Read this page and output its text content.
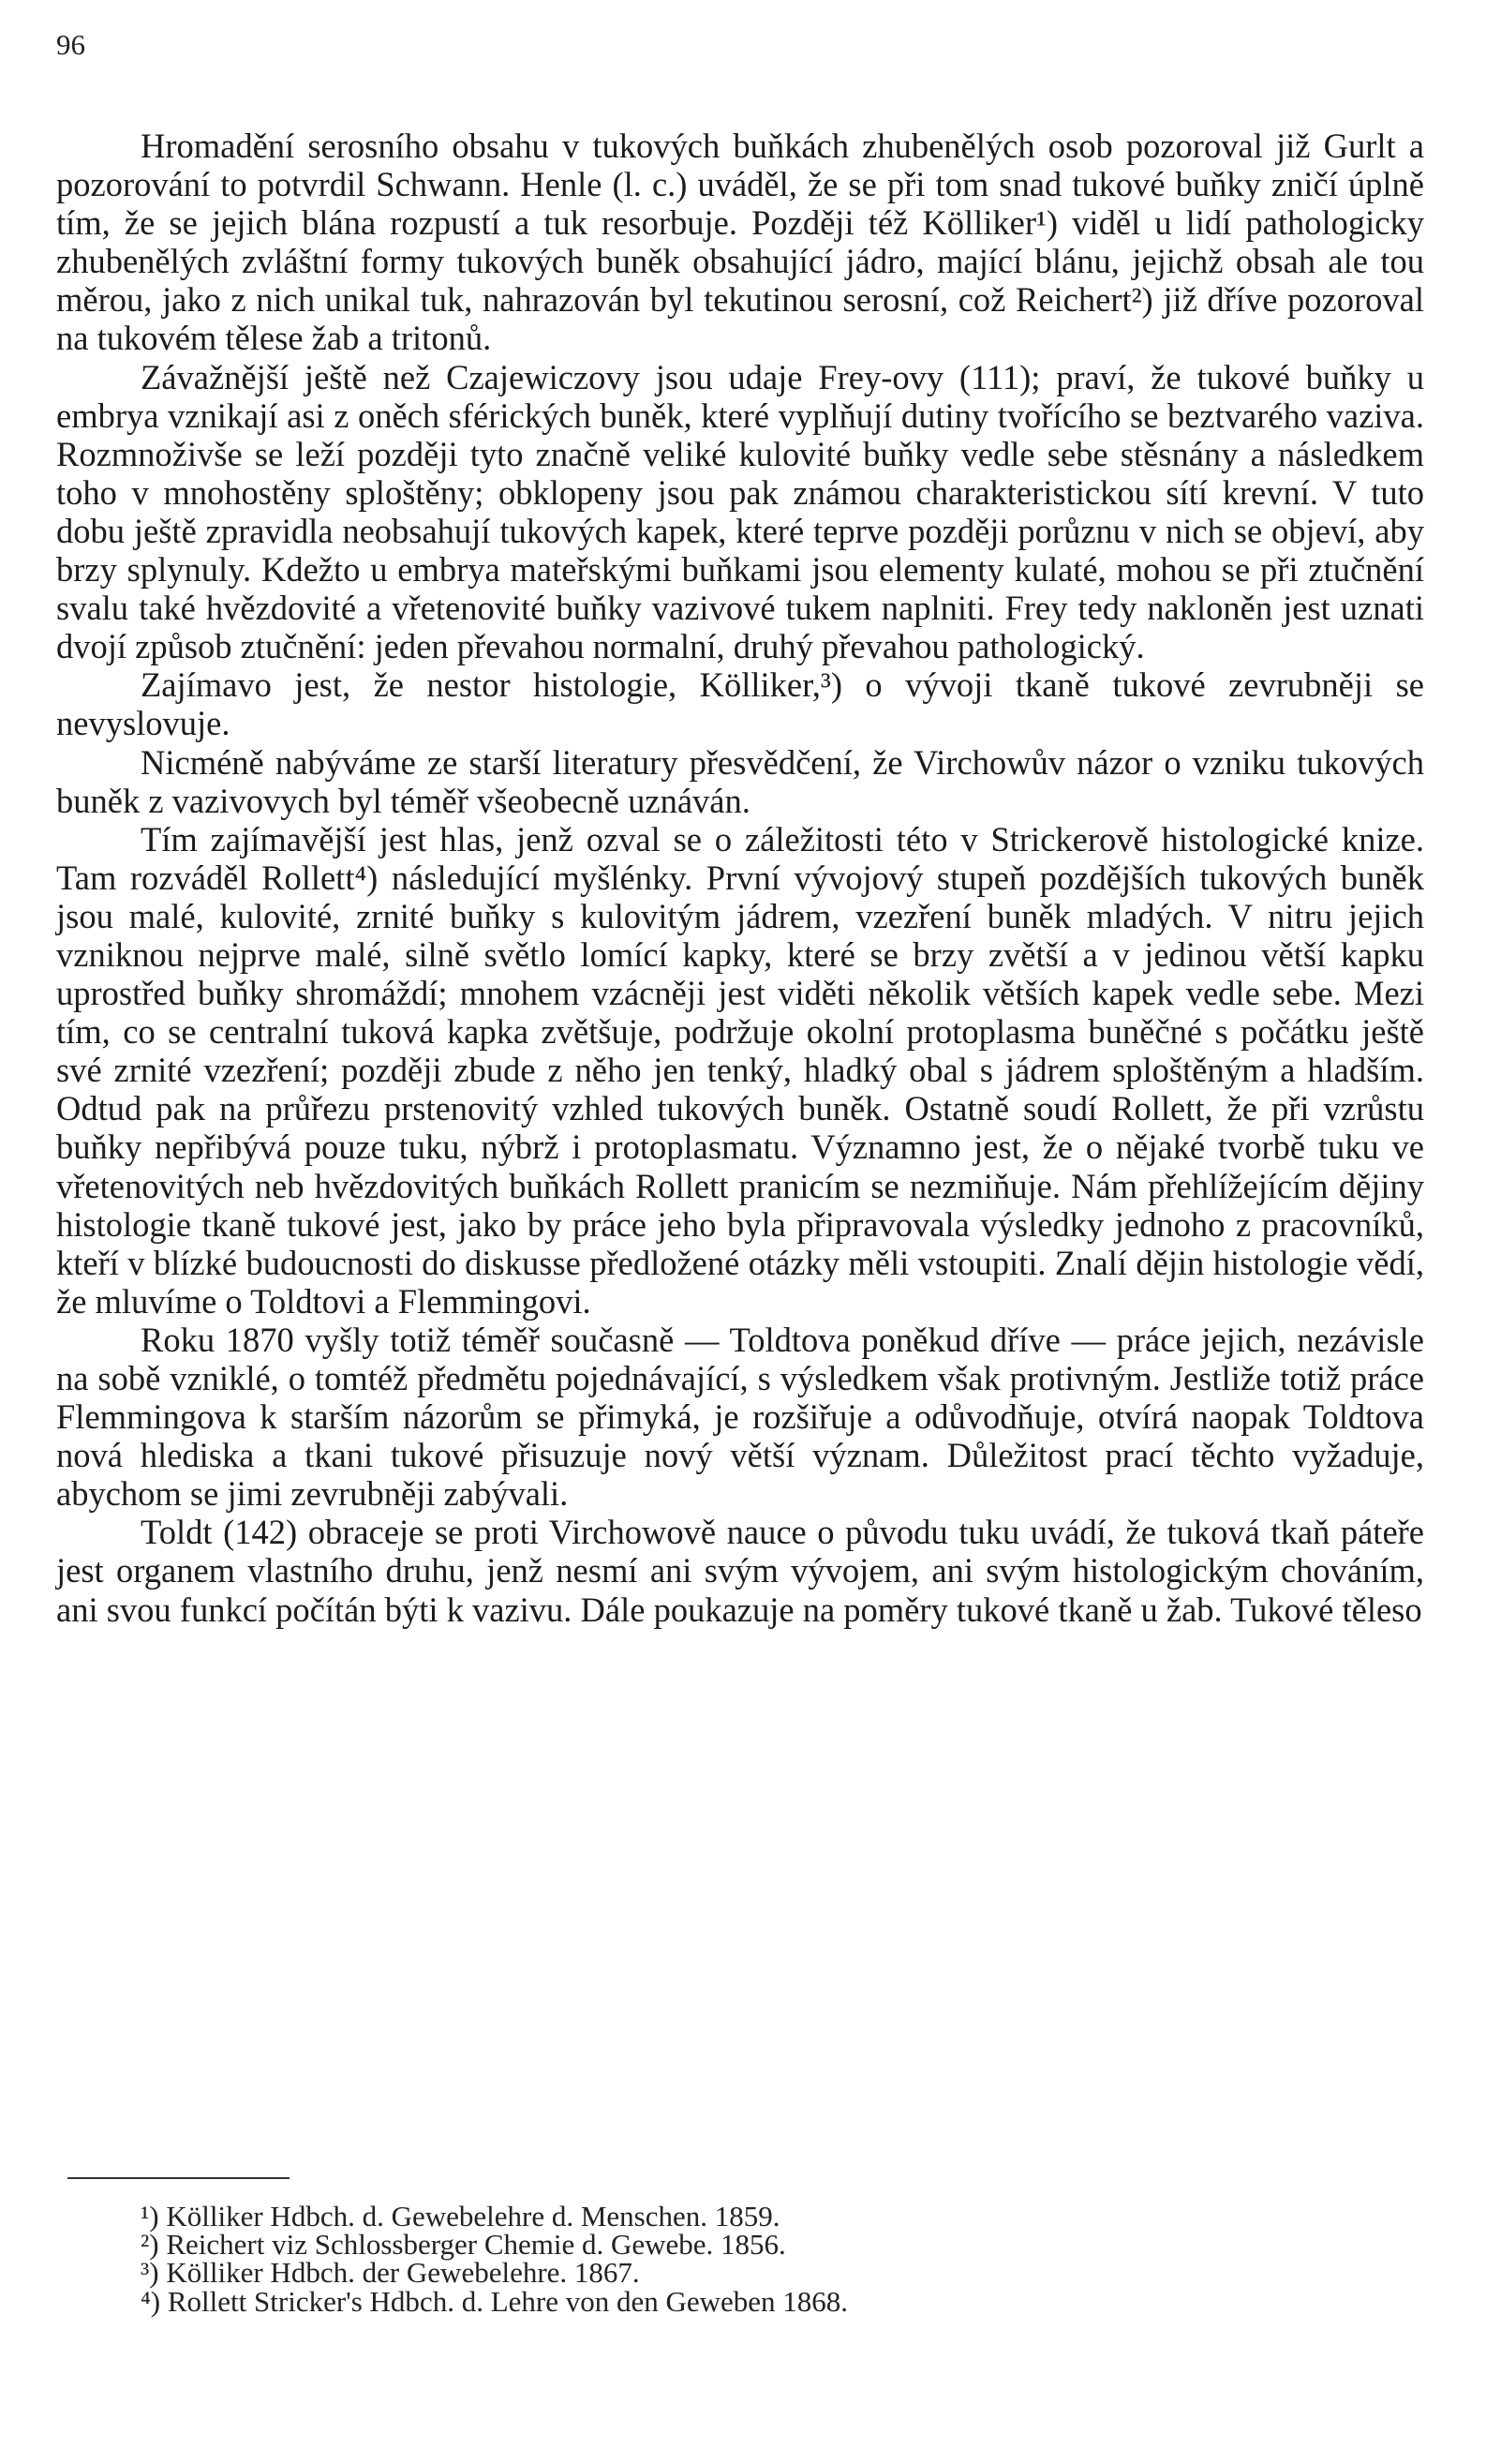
96

Hromadění serosního obsahu v tukových buňkách zhubenělých osob pozoroval již Gurlt a pozorování to potvrdil Schwann. Henle (l. c.) uváděl, že se při tom snad tukové buňky zničí úplně tím, že se jejich blána rozpustí a tuk resorbuje. Později též Kölliker¹) viděl u lidí pathologicky zhubenělých zvláštní formy tukových buněk obsahující jádro, mající blánu, jejichž obsah ale tou měrou, jako z nich unikal tuk, nahrazován byl tekutinou serosní, což Reichert²) již dříve pozoroval na tukovém tělese žab a tritonů.

Závažnější ještě než Czajewiczovy jsou udaje Frey-ovy (111); praví, že tukové buňky u embrya vznikají asi z oněch sférických buněk, které vyplňují dutiny tvořícího se beztvarého vaziva. Rozmnoživše se leží později tyto značně veliké kulovité buňky vedle sebe stěsnány a následkem toho v mnohostěny sploštěny; obklopeny jsou pak známou charakteristickou sítí krevní. V tuto dobu ještě zpravidla neobsahují tukových kapek, které teprve později porůznu v nich se objeví, aby brzy splynuly. Kdežto u embrya mateřskými buňkami jsou elementy kulaté, mohou se při ztučnění svalu také hvězdovité a vřetenovité buňky vazivové tukem naplniti. Frey tedy nakloněn jest uznati dvojí způsob ztučnění: jeden převahou normalní, druhý převahou pathologický.

Zajímavo jest, že nestor histologie, Kölliker,³) o vývoji tkaně tukové zevrubněji se nevyslovuje.

Nicméně nabýváme ze starší literatury přesvědčení, že Virchowův názor o vzniku tukových buněk z vazivovych byl téměř všeobecně uznáván.

Tím zajímavější jest hlas, jenž ozval se o záležitosti této v Strickerově histologické knize. Tam rozváděl Rollett⁴) následující myšlénky. První vývojový stupeň pozdějších tukových buněk jsou malé, kulovité, zrnité buňky s kulovitým jádrem, vzezření buněk mladých. V nitru jejich vzniknou nejprve malé, silně světlo lomící kapky, které se brzy zvětší a v jedinou větší kapku uprostřed buňky shromáždí; mnohem vzácněji jest viděti několik větších kapek vedle sebe. Mezi tím, co se centralní tuková kapka zvětšuje, podržuje okolní protoplasma buněčné s počátku ještě své zrnité vzezření; později zbude z něho jen tenký, hladký obal s jádrem sploštěným a hladším. Odtud pak na průřezu prstenovitý vzhled tukových buněk. Ostatně soudí Rollett, že při vzrůstu buňky nepřibývá pouze tuku, nýbrž i protoplasmatu. Významno jest, že o nějaké tvorbě tuku ve vřetenovitých neb hvězdovitých buňkách Rollett pranicím se nezmiňuje. Nám přehlížejícím dějiny histologie tkaně tukové jest, jako by práce jeho byla připravovala výsledky jednoho z pracovníků, kteří v blízké budoucnosti do diskusse předložené otázky měli vstoupiti. Znalí dějin histologie vědí, že mluvíme o Toldtovi a Flemmingovi.

Roku 1870 vyšly totiž téměř současně — Toldtova poněkud dříve — práce jejich, nezávisle na sobě vzniklé, o tomtéž předmětu pojednávající, s výsledkem však protivným. Jestliže totiž práce Flemmingova k starším názorům se přimyká, je rozšiřuje a odůvodňuje, otvírá naopak Toldtova nová hlediska a tkani tukové přisuzuje nový větší význam. Důležitost prací těchto vyžaduje, abychom se jimi zevrubněji zabývali.

Toldt (142) obraceje se proti Virchowově nauce o původu tuku uvádí, že tuková tkaň páteře jest organem vlastního druhu, jenž nesmí ani svým vývojem, ani svým histologickým chováním, ani svou funkcí počítán býti k vazivu. Dále poukazuje na poměry tukové tkaně u žab. Tukové těleso

¹) Kölliker Hdbch. d. Gewebelehre d. Menschen. 1859.
²) Reichert viz Schlossberger Chemie d. Gewebe. 1856.
³) Kölliker Hdbch. der Gewebelehre. 1867.
⁴) Rollett Stricker's Hdbch. d. Lehre von den Geweben 1868.
